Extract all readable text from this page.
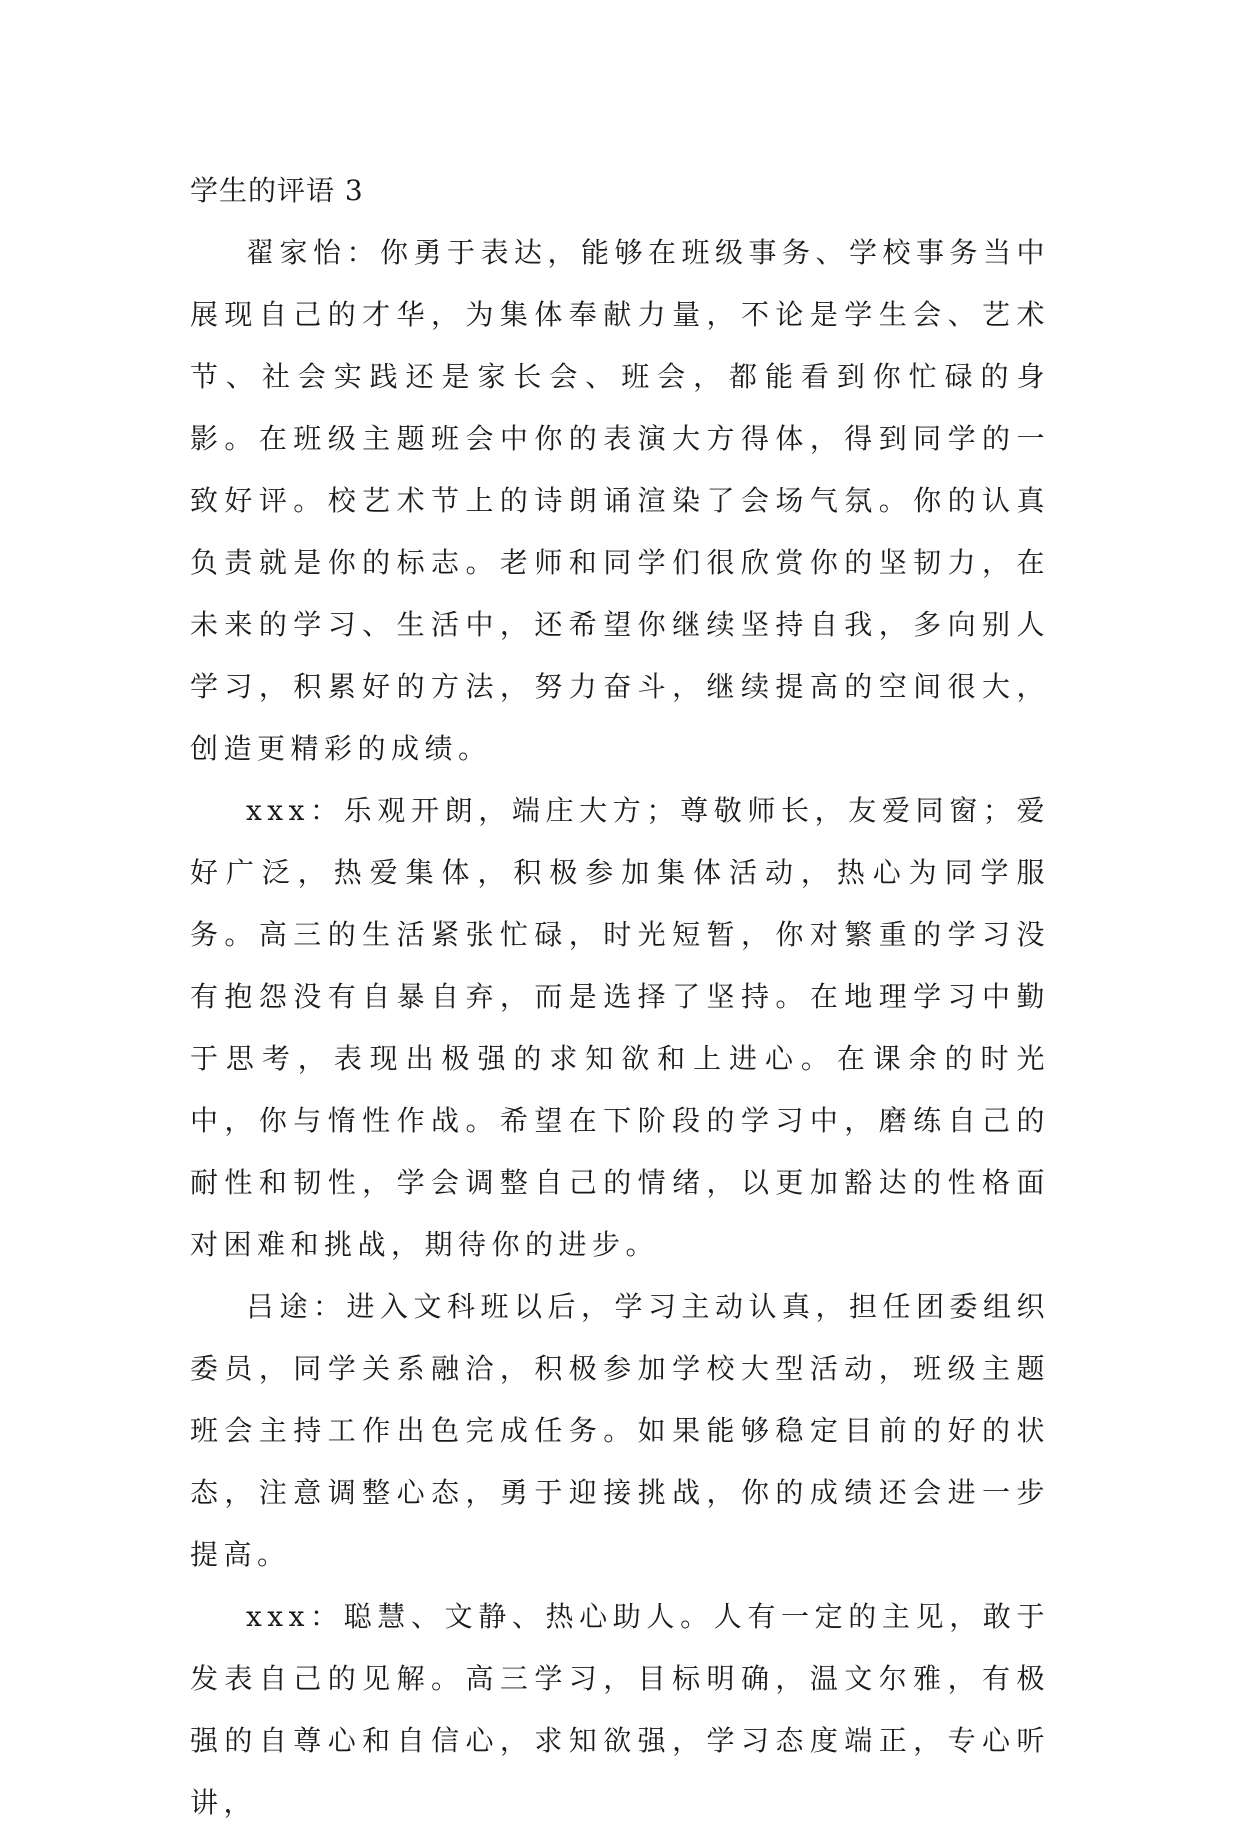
学生的评语 3

翟家怡：你勇于表达，能够在班级事务、学校事务当中展现自己的才华，为集体奉献力量，不论是学生会、艺术节、社会实践还是家长会、班会，都能看到你忙碌的身影。在班级主题班会中你的表演大方得体，得到同学的一致好评。校艺术节上的诗朗诵渲染了会场气氛。你的认真负责就是你的标志。老师和同学们很欣赏你的坚韧力，在未来的学习、生活中，还希望你继续坚持自我，多向别人学习，积累好的方法，努力奋斗，继续提高的空间很大，创造更精彩的成绩。

xxx：乐观开朗，端庄大方；尊敬师长，友爱同窗；爱好广泛，热爱集体，积极参加集体活动，热心为同学服务。高三的生活紧张忙碌，时光短暂，你对繁重的学习没有抱怨没有自暴自弃，而是选择了坚持。在地理学习中勤于思考，表现出极强的求知欲和上进心。在课余的时光中，你与惰性作战。希望在下阶段的学习中，磨练自己的耐性和韧性，学会调整自己的情绪，以更加豁达的性格面对困难和挑战，期待你的进步。

吕途：进入文科班以后，学习主动认真，担任团委组织委员，同学关系融洽，积极参加学校大型活动，班级主题班会主持工作出色完成任务。如果能够稳定目前的好的状态，注意调整心态，勇于迎接挑战，你的成绩还会进一步提高。

xxx：聪慧、文静、热心助人。人有一定的主见，敢于发表自己的见解。高三学习，目标明确，温文尔雅，有极强的自尊心和自信心，求知欲强，学习态度端正，专心听讲，
